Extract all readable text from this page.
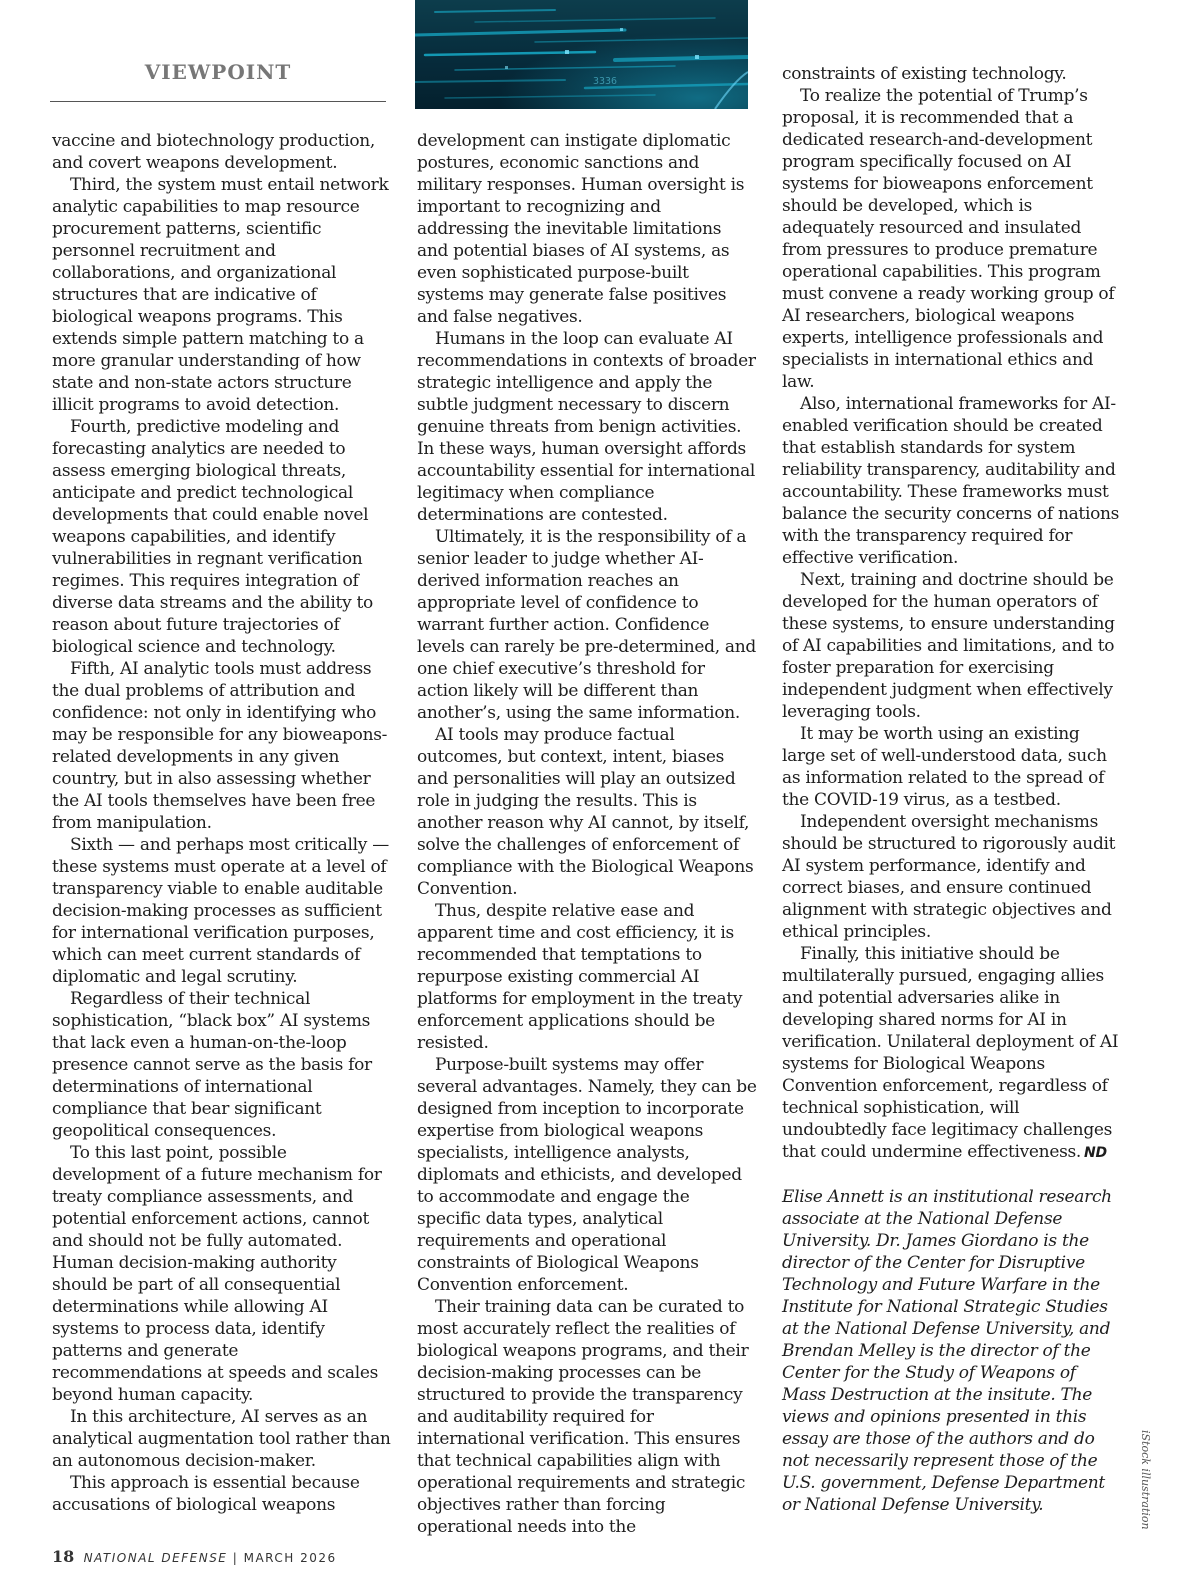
VIEWPOINT	3336

vaccine and biotechnology production, and covert weapons development.

Third, the system must entail network analytic capabilities to map resource procurement patterns, scientific personnel recruitment and collaborations, and organizational structures that are indicative of biological weapons programs. This extends simple pattern matching to a more granular understanding of how state and non-state actors structure illicit programs to avoid detection.

Fourth, predictive modeling and forecasting analytics are needed to assess emerging biological threats, anticipate and predict technological developments that could enable novel weapons capabilities, and identify vulnerabilities in regnant verification regimes. This requires integration of diverse data streams and the ability to reason about future trajectories of biological science and technology.

Fifth, AI analytic tools must address the dual problems of attribution and confidence: not only in identifying who may be responsible for any bioweapons-related developments in any given country, but in also assessing whether the AI tools themselves have been free from manipulation.

Sixth — and perhaps most critically — these systems must operate at a level of transparency viable to enable auditable decision-making processes as sufficient for international verification purposes, which can meet current standards of diplomatic and legal scrutiny.

Regardless of their technical sophistication, “black box” AI systems that lack even a human-on-the-loop presence cannot serve as the basis for determinations of international compliance that bear significant geopolitical consequences.

To this last point, possible development of a future mechanism for treaty compliance assessments, and potential enforcement actions, cannot and should not be fully automated. Human decision-making authority should be part of all consequential determinations while allowing AI systems to process data, identify patterns and generate recommendations at speeds and scales beyond human capacity.

In this architecture, AI serves as an analytical augmentation tool rather than an autonomous decision-maker.

This approach is essential because accusations of biological weapons

development can instigate diplomatic postures, economic sanctions and military responses. Human oversight is important to recognizing and addressing the inevitable limitations and potential biases of AI systems, as even sophisticated purpose-built systems may generate false positives and false negatives.

Humans in the loop can evaluate AI recommendations in contexts of broader strategic intelligence and apply the subtle judgment necessary to discern genuine threats from benign activities. In these ways, human oversight affords accountability essential for international legitimacy when compliance determinations are contested.

Ultimately, it is the responsibility of a senior leader to judge whether AI-derived information reaches an appropriate level of confidence to warrant further action. Confidence levels can rarely be pre-determined, and one chief executive’s threshold for action likely will be different than another’s, using the same information.

AI tools may produce factual outcomes, but context, intent, biases and personalities will play an outsized role in judging the results. This is another reason why AI cannot, by itself, solve the challenges of enforcement of compliance with the Biological Weapons Convention.

Thus, despite relative ease and apparent time and cost efficiency, it is recommended that temptations to repurpose existing commercial AI platforms for employment in the treaty enforcement applications should be resisted.

Purpose-built systems may offer several advantages. Namely, they can be designed from inception to incorporate expertise from biological weapons specialists, intelligence analysts, diplomats and ethicists, and developed to accommodate and engage the specific data types, analytical requirements and operational constraints of Biological Weapons Convention enforcement.

Their training data can be curated to most accurately reflect the realities of biological weapons programs, and their decision-making processes can be structured to provide the transparency and auditability required for international verification. This ensures that technical capabilities align with operational requirements and strategic objectives rather than forcing operational needs into the

constraints of existing technology.

To realize the potential of Trump’s proposal, it is recommended that a dedicated research-and-development program specifically focused on AI systems for bioweapons enforcement should be developed, which is adequately resourced and insulated from pressures to produce premature operational capabilities. This program must convene a ready working group of AI researchers, biological weapons experts, intelligence professionals and specialists in international ethics and law.

Also, international frameworks for AI-enabled verification should be created that establish standards for system reliability transparency, auditability and accountability. These frameworks must balance the security concerns of nations with the transparency required for effective verification.

Next, training and doctrine should be developed for the human operators of these systems, to ensure understanding of AI capabilities and limitations, and to foster preparation for exercising independent judgment when effectively leveraging tools.

It may be worth using an existing large set of well-understood data, such as information related to the spread of the COVID-19 virus, as a testbed.

Independent oversight mechanisms should be structured to rigorously audit AI system performance, identify and correct biases, and ensure continued alignment with strategic objectives and ethical principles.

Finally, this initiative should be multilaterally pursued, engaging allies and potential adversaries alike in developing shared norms for AI in verification. Unilateral deployment of AI systems for Biological Weapons Convention enforcement, regardless of technical sophistication, will undoubtedly face legitimacy challenges that could undermine effectiveness. ND

Elise Annett is an institutional research associate at the National Defense University. Dr. James Giordano is the director of the Center for Disruptive Technology and Future Warfare in the Institute for National Strategic Studies at the National Defense University, and Brendan Melley is the director of the Center for the Study of Weapons of Mass Destruction at the insitute. The views and opinions presented in this essay are those of the authors and do not necessarily represent those of the U.S. government, Defense Department or National Defense University.	iStock illustration
18 NATIONAL DEFENSE | MARCH 2026
